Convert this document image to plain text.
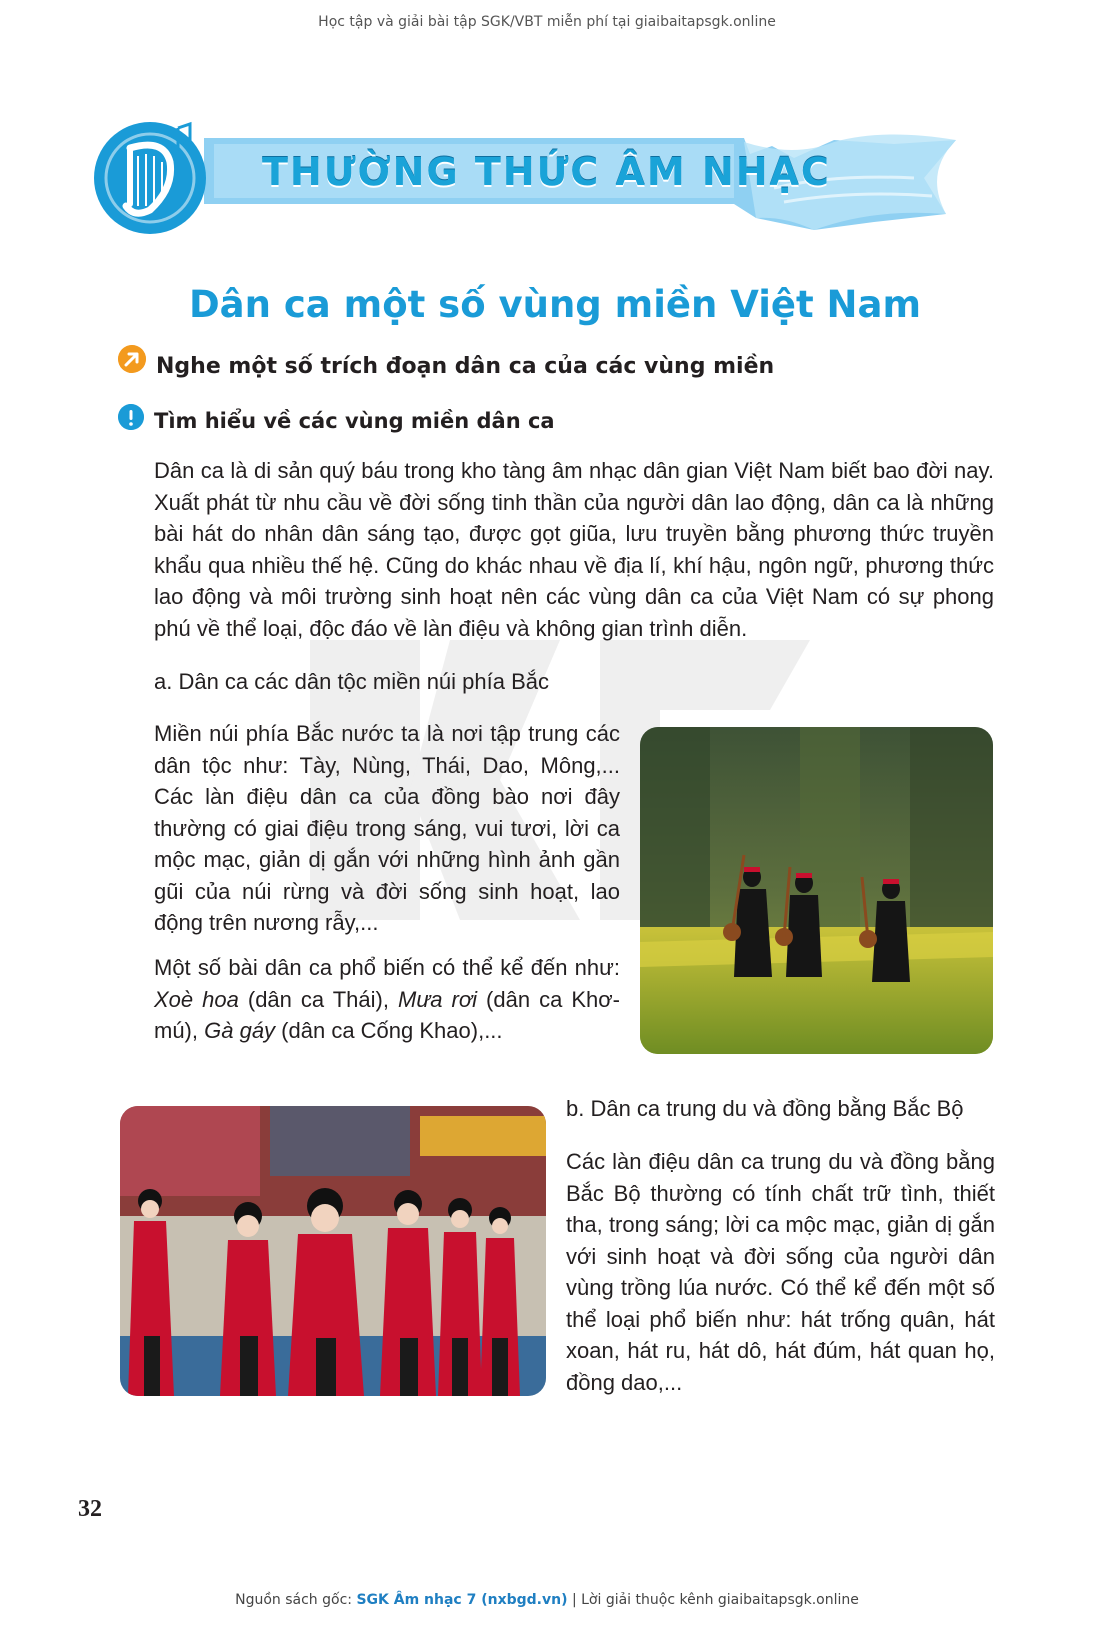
Học tập và giải bài tập SGK/VBT miễn phí tại giaibaitapsgk.online
THƯỜNG THỨC ÂM NHẠC
Dân ca một số vùng miền Việt Nam
Nghe một số trích đoạn dân ca của các vùng miền
Tìm hiểu về các vùng miền dân ca
Dân ca là di sản quý báu trong kho tàng âm nhạc dân gian Việt Nam biết bao đời nay. Xuất phát từ nhu cầu về đời sống tinh thần của người dân lao động, dân ca là những bài hát do nhân dân sáng tạo, được gọt giũa, lưu truyền bằng phương thức truyền khẩu qua nhiều thế hệ. Cũng do khác nhau về địa lí, khí hậu, ngôn ngữ, phương thức lao động và môi trường sinh hoạt nên các vùng dân ca của Việt Nam có sự phong phú về thể loại, độc đáo về làn điệu và không gian trình diễn.
a. Dân ca các dân tộc miền núi phía Bắc
Miền núi phía Bắc nước ta là nơi tập trung các dân tộc như: Tày, Nùng, Thái, Dao, Mông,... Các làn điệu dân ca của đồng bào nơi đây thường có giai điệu trong sáng, vui tươi, lời ca mộc mạc, giản dị gắn với những hình ảnh gần gũi của núi rừng và đời sống sinh hoạt, lao động trên nương rẫy,...
Một số bài dân ca phổ biến có thể kể đến như: Xoè hoa (dân ca Thái), Mưa rơi (dân ca Khơ-mú), Gà gáy (dân ca Cống Khao),...
b. Dân ca trung du và đồng bằng Bắc Bộ
Các làn điệu dân ca trung du và đồng bằng Bắc Bộ thường có tính chất trữ tình, thiết tha, trong sáng; lời ca mộc mạc, giản dị gắn với sinh hoạt và đời sống của người dân vùng trồng lúa nước. Có thể kể đến một số thể loại phổ biến như: hát trống quân, hát xoan, hát ru, hát dô, hát đúm, hát quan họ, đồng dao,...
32
Nguồn sách gốc: SGK Âm nhạc 7 (nxbgd.vn) | Lời giải thuộc kênh giaibaitapsgk.online
